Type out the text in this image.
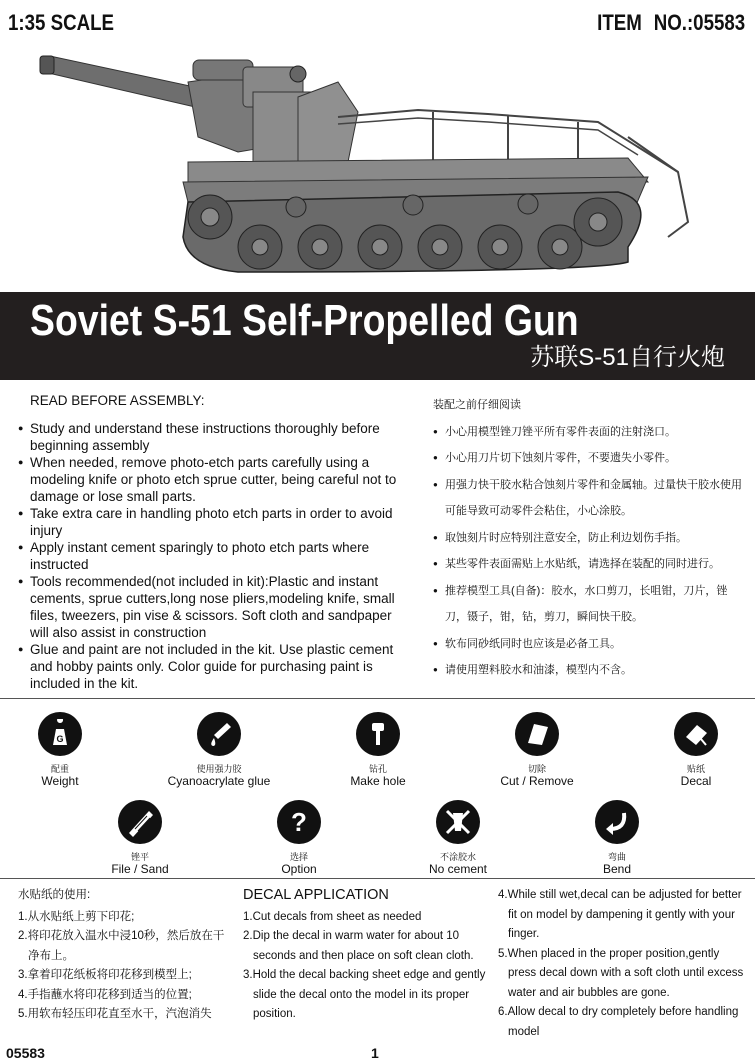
1:35 SCALE	ITEM NO.:05583
Soviet S-51 Self-Propelled Gun
苏联S-51自行火炮
READ BEFORE ASSEMBLY:
● Study and understand these instructions thoroughly before beginning assembly
● When needed, remove photo-etch parts carefully using a modeling knife or photo etch sprue cutter, being careful not to damage or lose small parts.
● Take extra care in handling photo etch parts in order to avoid injury
● Apply instant cement sparingly to photo etch parts where instructed
● Tools recommended(not included in kit):Plastic and instant cements, sprue cutters,long nose pliers,modeling knife, small files, tweezers, pin vise & scissors. Soft cloth and sandpaper will also assist in construction
● Glue and paint are not included in the kit. Use plastic cement and hobby paints only. Color guide for purchasing paint is included in the kit.
装配之前仔细阅读
● 小心用模型锉刀锉平所有零件表面的注射浇口。
● 小心用刀片切下蚀刻片零件，不要遗失小零件。
● 用强力快干胶水粘合蚀刻片零件和金属轴。过量快干胶水使用可能导致可动零件会粘住，小心涂胶。
● 取蚀刻片时应特别注意安全，防止利边划伤手指。
● 某些零件表面需贴上水贴纸，请选择在装配的同时进行。
● 推荐模型工具(自备)：胶水，水口剪刀，长咀钳，刀片，锉刀，镊子，钳，钻，剪刀，瞬间快干胶。
● 软布同砂纸同时也应该是必备工具。
● 请使用塑料胶水和油漆，模型内不含。
G
配重
Weight
使用强力胶
Cyanoacrylate glue
钻孔
Make hole
切除
Cut / Remove
贴纸
Decal
锉平
File / Sand
?
选择
Option
不涂胶水
No cement
弯曲
Bend
水贴纸的使用:
1.从水贴纸上剪下印花;
2.将印花放入温水中浸10秒，然后放在干净布上。
3.拿着印花纸板将印花移到模型上;
4.手指蘸水将印花移到适当的位置;
5.用软布轻压印花直至水干，汽泡消失
DECAL APPLICATION
1.Cut decals from sheet as needed
2.Dip the decal in warm water for about 10 seconds and then place on soft clean cloth.
3.Hold the decal backing sheet edge and gently slide the decal onto the model in its proper position.
4.While still wet,decal can be adjusted for better fit on model by dampening it gently with your finger.
5.When placed in the proper position,gently press decal down with a soft cloth until excess water and air bubbles are gone.
6.Allow decal to dry completely before handling model
05583	1
